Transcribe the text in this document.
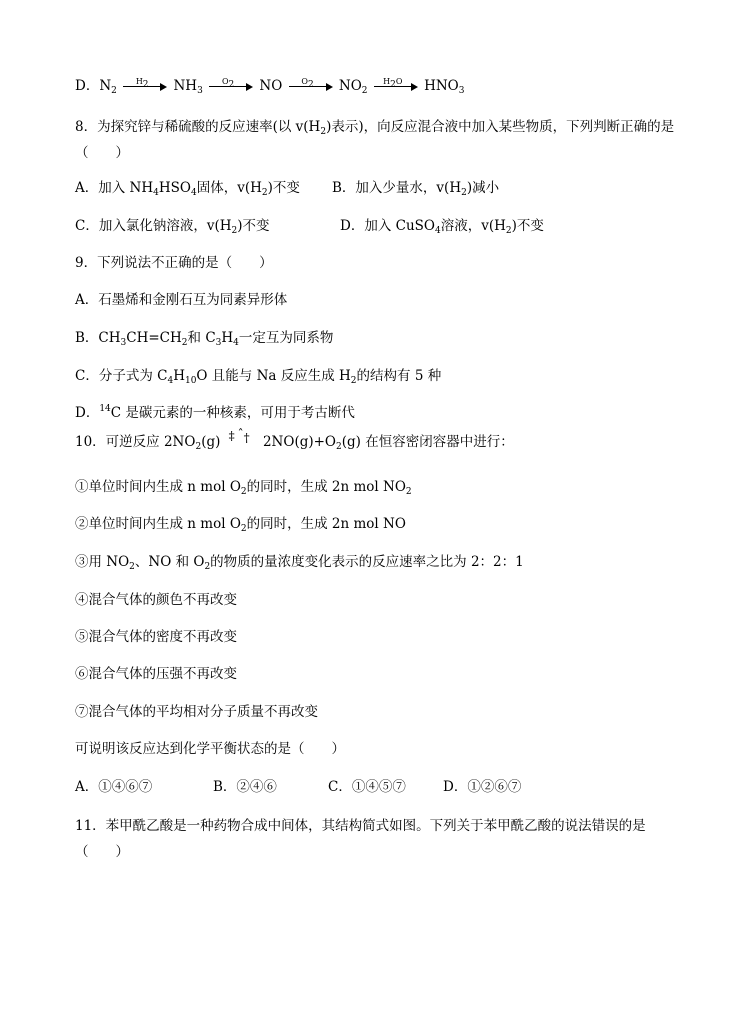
D．$N_2$
$H_2$	$NH_3$
$O_2$	NO	$O_2$	$NO_2$
$H_2O$	$HNO_3$
8．为探究锌与稀硫酸的反应速率(以 $v(H_2)$表示)，向反应混合液中加入某些物质，下列判断正确的是（　　）
A．加入 $NH_4HSO_4$固体，$v(H_2)$不变 B．加入少量水，$v(H_2)$减小
C．加入氯化钠溶液，$v(H_2)$不变	D．加入 CuSO$_4$溶液，$v(H_2)$不变
9．下列说法不正确的是（　　）
A．石墨烯和金刚石互为同素异形体
B．$CH_3CH=CH_2$和 $C_3H_4$一定互为同系物
C．分子式为 $C_4H_{10}O$ 且能与 Na 反应生成 $H_2$的结构有 5 种
D．$^{14}$C 是碳元素的一种核素，可用于考古断代
10．可逆反应 $2NO_2(g)$ ‡ ˆ † $2NO(g)+O_2(g)$ 在恒容密闭容器中进行：
①单位时间内生成 n mol $O_2$的同时，生成 2n mol $NO_2$
②单位时间内生成 n mol $O_2$的同时，生成 2n mol NO
③用 $NO_2$、NO 和 $O_2$的物质的量浓度变化表示的反应速率之比为 2：2：1
④混合气体的颜色不再改变
⑤混合气体的密度不再改变
⑥混合气体的压强不再改变
⑦混合气体的平均相对分子质量不再改变
可说明该反应达到化学平衡状态的是（　　）
A．①④⑥⑦	B．②④⑥	C．①④⑤⑦	D．①②⑥⑦
11．苯甲酰乙酸是一种药物合成中间体，其结构简式如图。下列关于苯甲酰乙酸的说法错误的是（　　）
